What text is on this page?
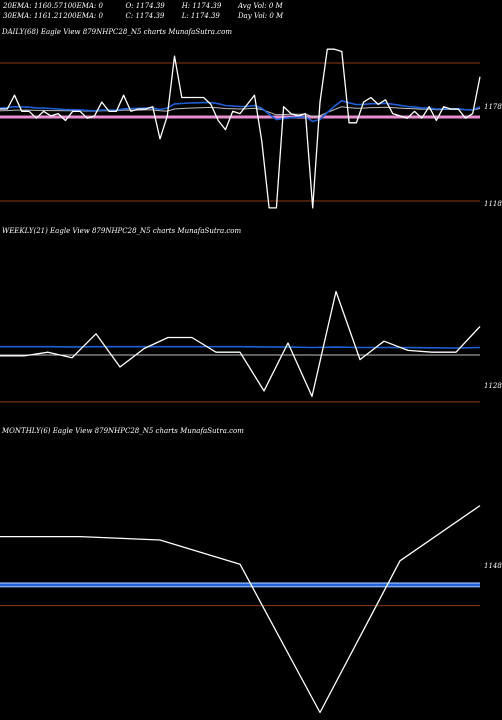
20EMA: 1160.57 100EMA: 0	O: 1174.39 H: 1174.39 Avg Vol: 0 M
30EMA: 1161.21 200EMA: 0	C: 1174.39 L: 1174.39	Day Vol: 0 M
DAILY(68) Eagle View 879NHPC28_N5 charts MunafaSutra.com
WEEKLY(21) Eagle View 879NHPC28_N5 charts MunafaSutra.com
MONTHLY(6) Eagle View 879NHPC28_N5 charts MunafaSutra.com
1178
1118
1128
1148
